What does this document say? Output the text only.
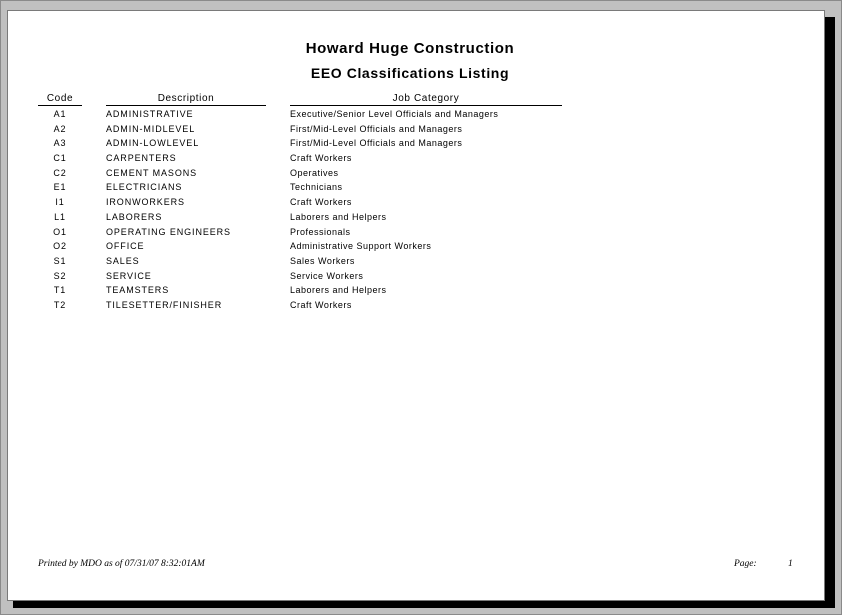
Howard Huge Construction
EEO Classifications Listing
Code	Description	Job Category
A1	ADMINISTRATIVE	Executive/Senior Level Officials and Managers
A2	ADMIN-MIDLEVEL	First/Mid-Level Officials and Managers
A3	ADMIN-LOWLEVEL	First/Mid-Level Officials and Managers
C1	CARPENTERS	Craft Workers
C2	CEMENT MASONS	Operatives
E1	ELECTRICIANS	Technicians
I1	IRONWORKERS	Craft Workers
L1	LABORERS	Laborers and Helpers
O1	OPERATING ENGINEERS	Professionals
O2	OFFICE	Administrative Support Workers
S1	SALES	Sales Workers
S2	SERVICE	Service Workers
T1	TEAMSTERS	Laborers and Helpers
T2	TILESETTER/FINISHER	Craft Workers
Printed by MDO as of 07/31/07 8:32:01AM	Page:	1
